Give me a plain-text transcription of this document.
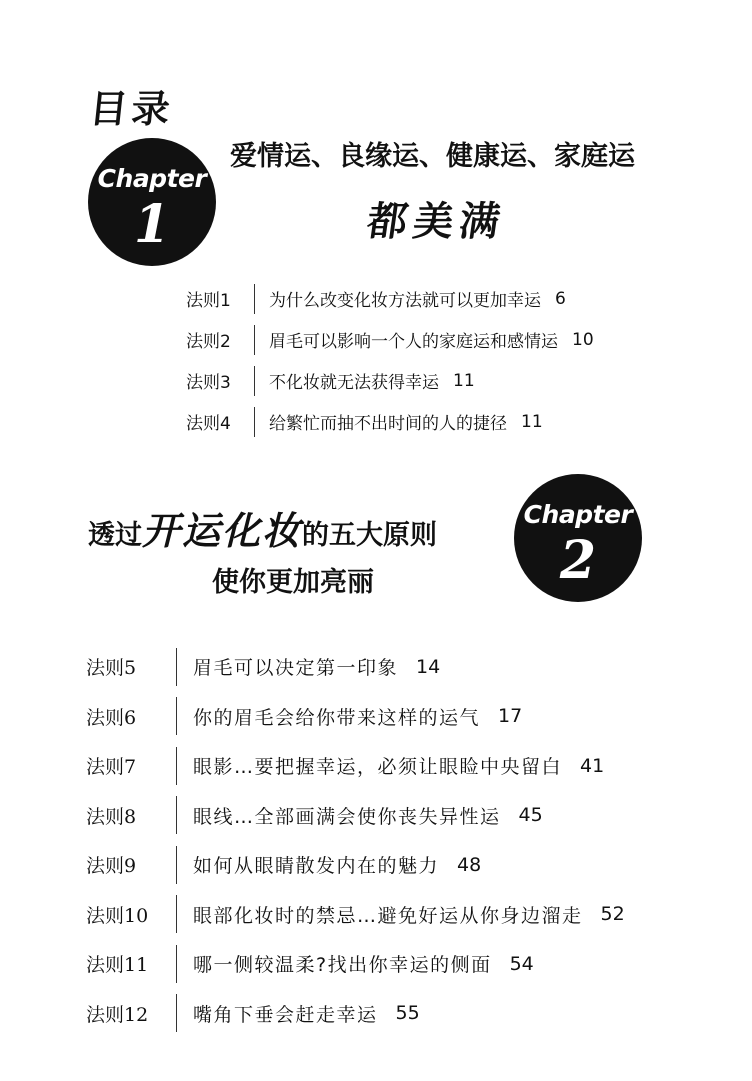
目录
Chapter
1
爱情运、良缘运、健康运、家庭运
都美满
法则1	为什么改变化妆方法就可以更加幸运 6
法则2	眉毛可以影响一个人的家庭运和感情运 10
法则3	不化妆就无法获得幸运 11
法则4	给繁忙而抽不出时间的人的捷径 11
透过开运化妆的五大原则
使你更加亮丽
Chapter
2
法则5	眉毛可以决定第一印象 14
法则6	你的眉毛会给你带来这样的运气 17
法则7	眼影…要把握幸运，必须让眼睑中央留白 41
法则8	眼线…全部画满会使你丧失异性运 45
法则9	如何从眼睛散发内在的魅力 48
法则10	眼部化妆时的禁忌…避免好运从你身边溜走 52
法则11	哪一侧较温柔?找出你幸运的侧面 54
法则12	嘴角下垂会赶走幸运 55
